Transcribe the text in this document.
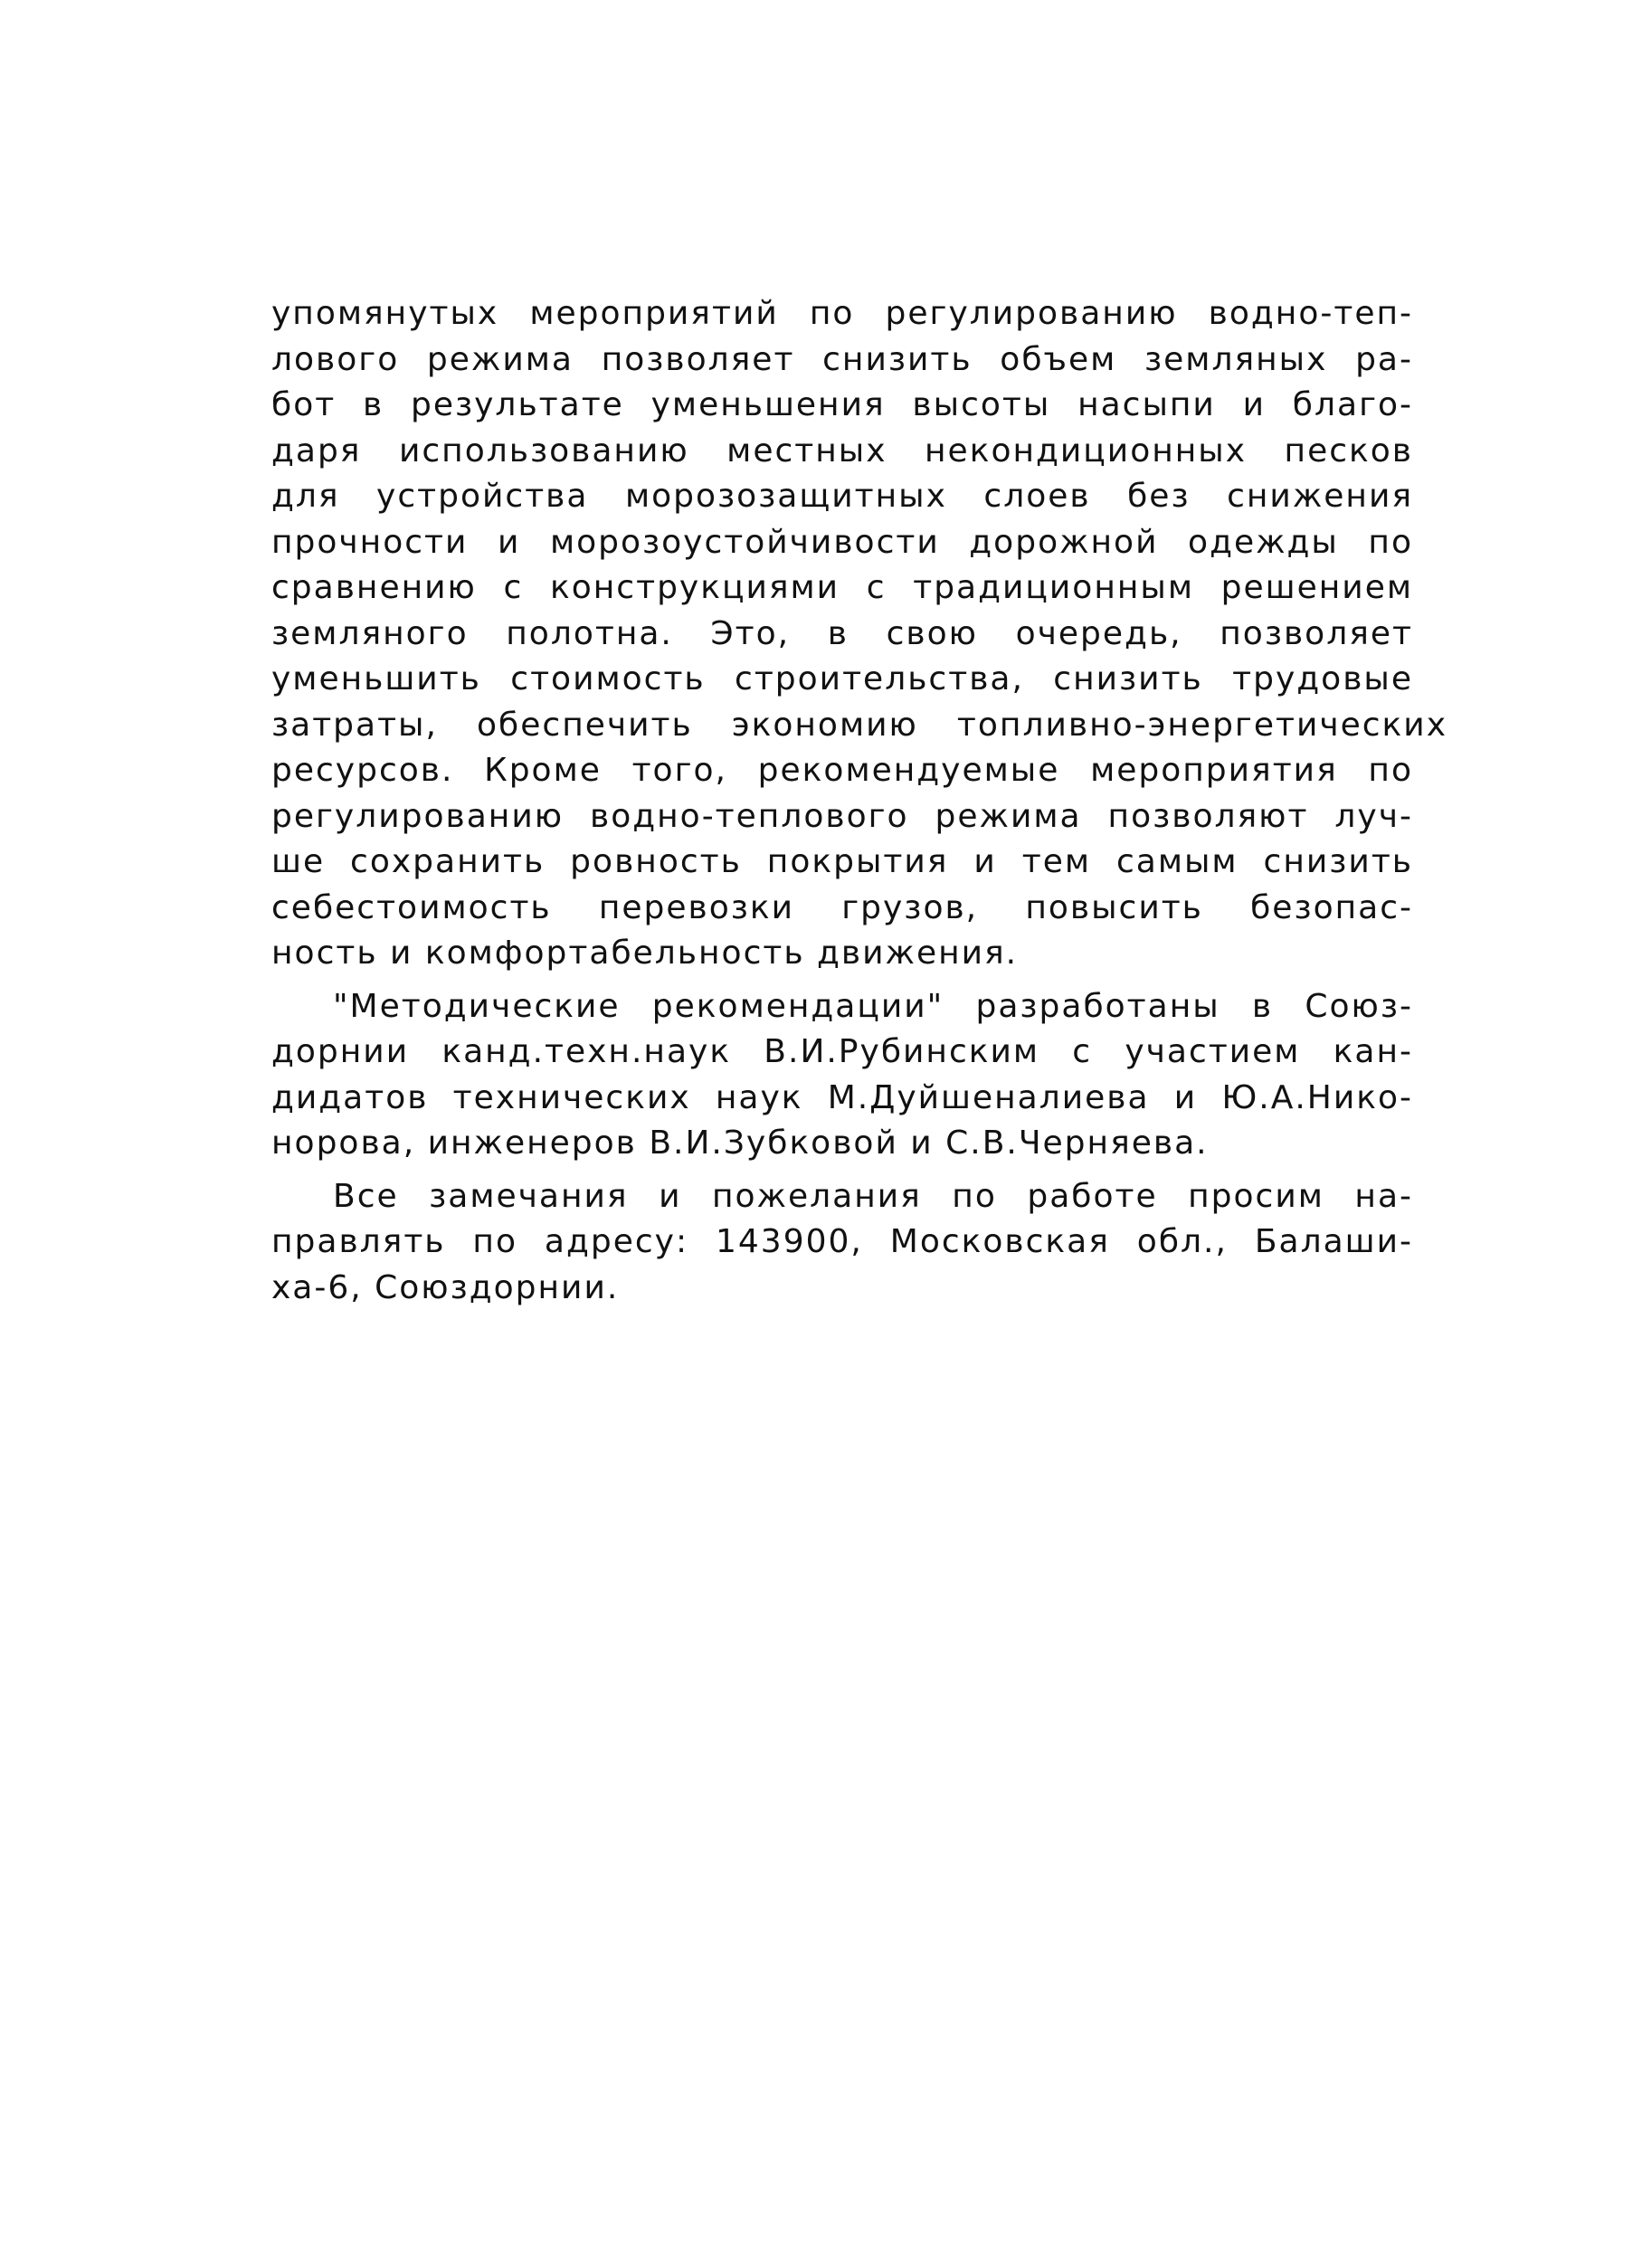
упомянутых мероприятий по регулированию водно-теп-
лового режима позволяет снизить объем земляных ра-
бот в результате уменьшения высоты насыпи и благо-
даря использованию местных некондиционных песков
для устройства морозозащитных слоев без снижения
прочности и морозоустойчивости дорожной одежды по
сравнению с конструкциями с традиционным решением
земляного полотна. Это, в свою очередь, позволяет
уменьшить стоимость строительства, снизить трудовые
затраты, обеспечить экономию топливно-энергетических
ресурсов. Кроме того, рекомендуемые мероприятия по
регулированию водно-теплового режима позволяют луч-
ше сохранить ровность покрытия и тем самым снизить
себестоимость перевозки грузов, повысить безопас-
ность и комфортабельность движения.
"Методические рекомендации" разработаны в Союз-
дорнии канд.техн.наук В.И.Рубинским с участием кан-
дидатов технических наук М.Дуйшеналиева и Ю.А.Нико-
норова, инженеров В.И.Зубковой и С.В.Черняева.
Все замечания и пожелания по работе просим на-
правлять по адресу: 143900, Московская обл., Балаши-
ха-6, Союздорнии.
